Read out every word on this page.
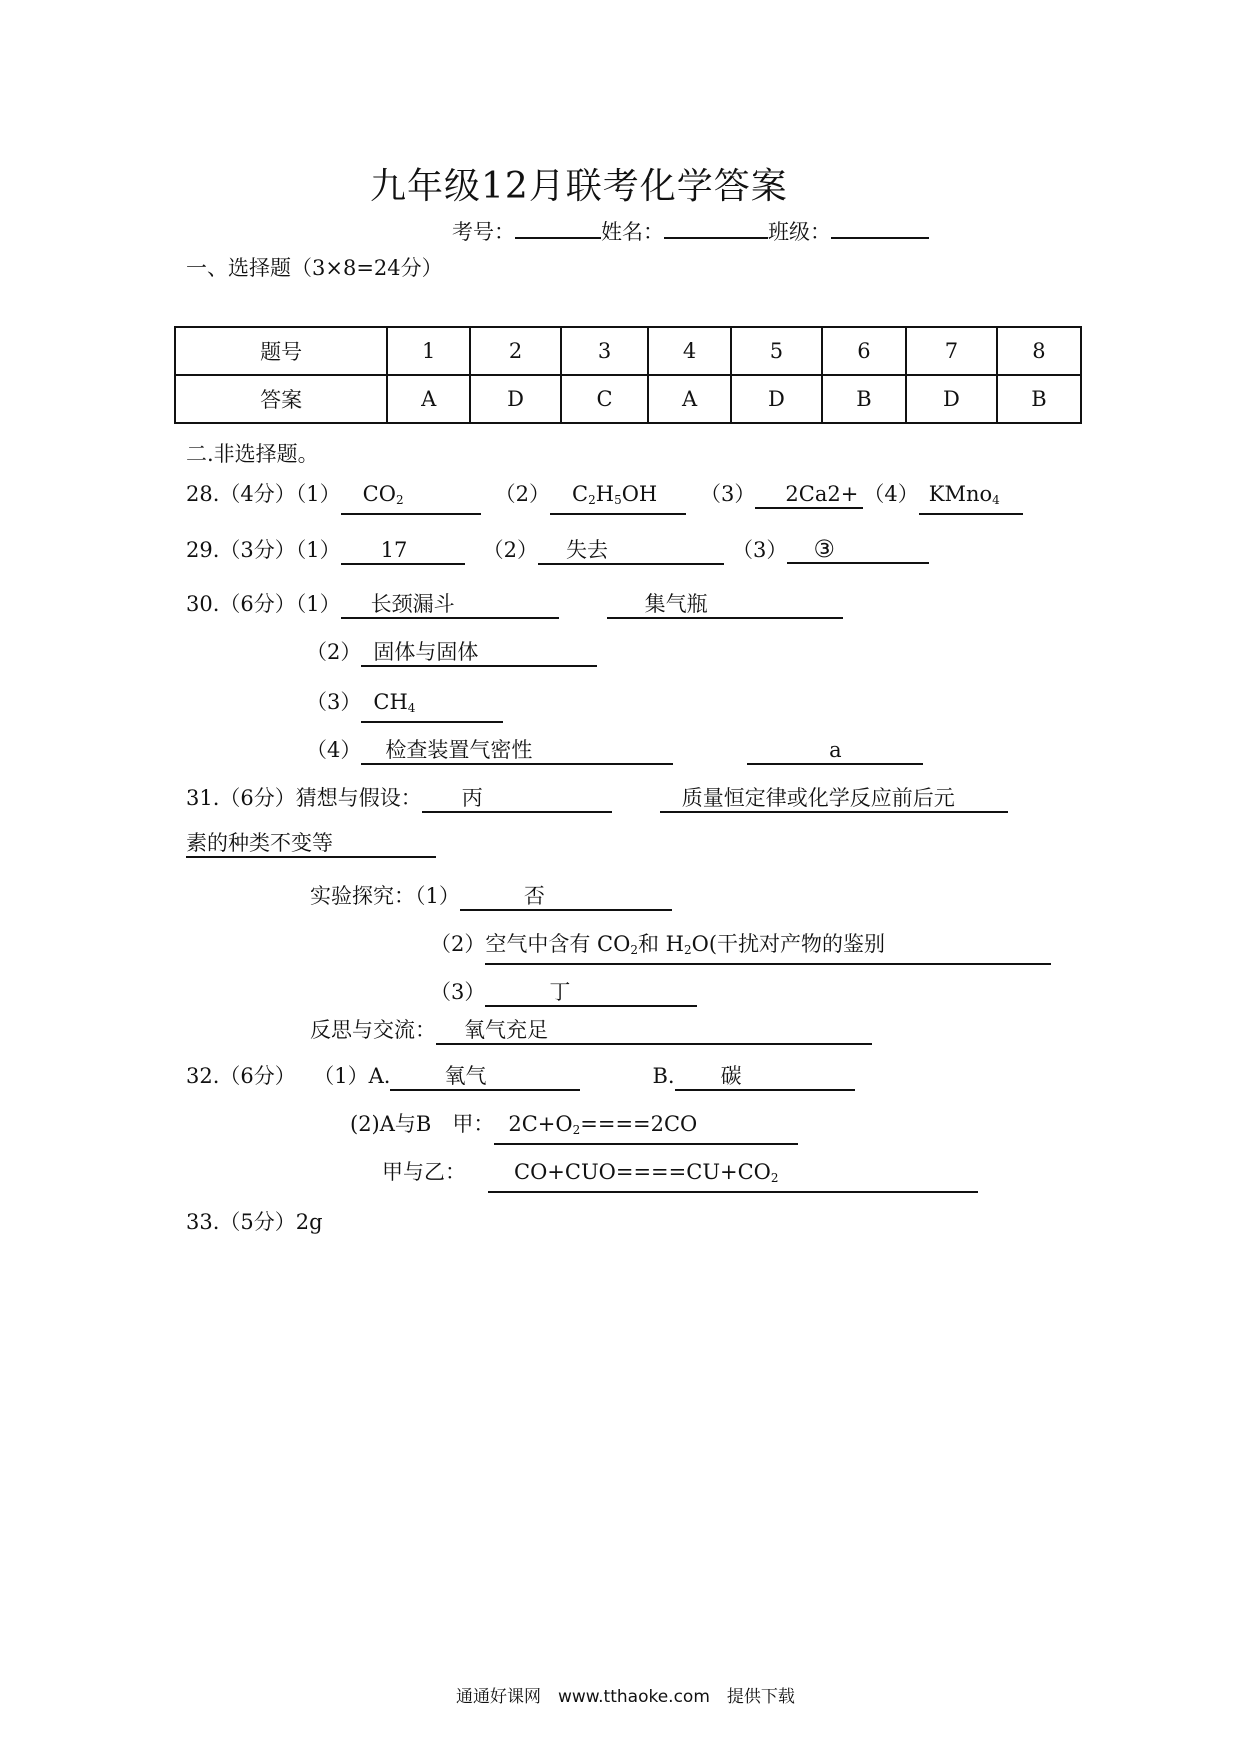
九年级12月联考化学答案
考号：	姓名：	班级：
一、选择题（3×8=24分）
题号	1	2	3	4	5	6	7	8
答案	A	D	C	A	D	B	D	B
二.非选择题。
28.（4分）（1） $CO_2$	（2） $C_2H_5OH$ （3） 2Ca2+ （4） KMno$_4$
29.（3分）（1） 17	（2） 失去	（3） ③
30.（6分）（1） 长颈漏斗	集气瓶
（2） 固体与固体
（3） $CH_4$
（4） 检查装置气密性	a
31.（6分）猜想与假设： 丙	质量恒定律或化学反应前后元
素的种类不变等
实验探究：（1）	否
（2）空气中含有 $CO_2$和 $H_2O$(干扰对产物的鉴别
（3）	丁
反思与交流： 氧气充足
32.（6分） （1）A.	氧气	B. 碳
(2)A与B　甲： $2C+O_2====2CO$
甲与乙： $CO+CUO====CU+CO_2$
33.（5分）2g
通通好课网　www.tthaoke.com　提供下载
